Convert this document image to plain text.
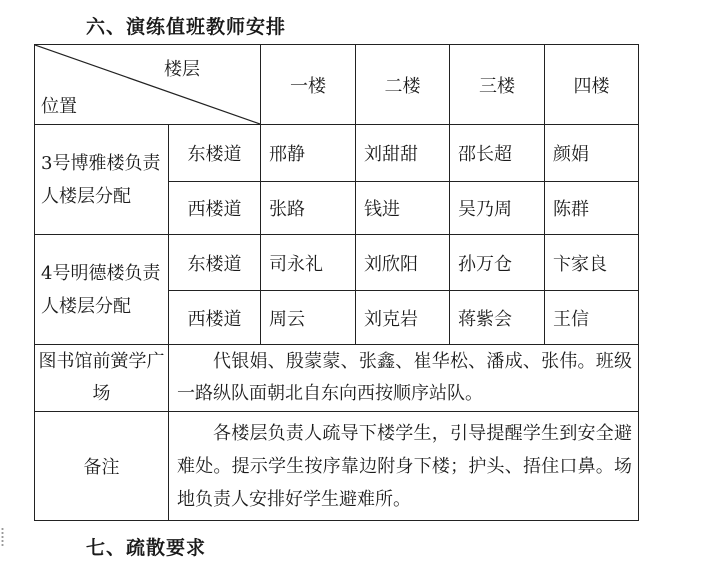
六、演练值班教师安排
楼层
位置		一楼	二楼	三楼	四楼
3号博雅楼负责人楼层分配	东楼道	邢静	刘甜甜	邵长超	颜娟
	西楼道	张路	钱进	吴乃周	陈群
4号明德楼负责人楼层分配	东楼道	司永礼	刘欣阳	孙万仓	卞家良
	西楼道	周云	刘克岩	蒋紫会	王信
图书馆前黉学广场	代银娟、殷蒙蒙、张鑫、崔华松、潘成、张伟。班级一路纵队面朝北自东向西按顺序站队。				
备注	各楼层负责人疏导下楼学生，引导提醒学生到安全避难处。提示学生按序靠边附身下楼；护头、捂住口鼻。场地负责人安排好学生避难所。				
七、疏散要求
